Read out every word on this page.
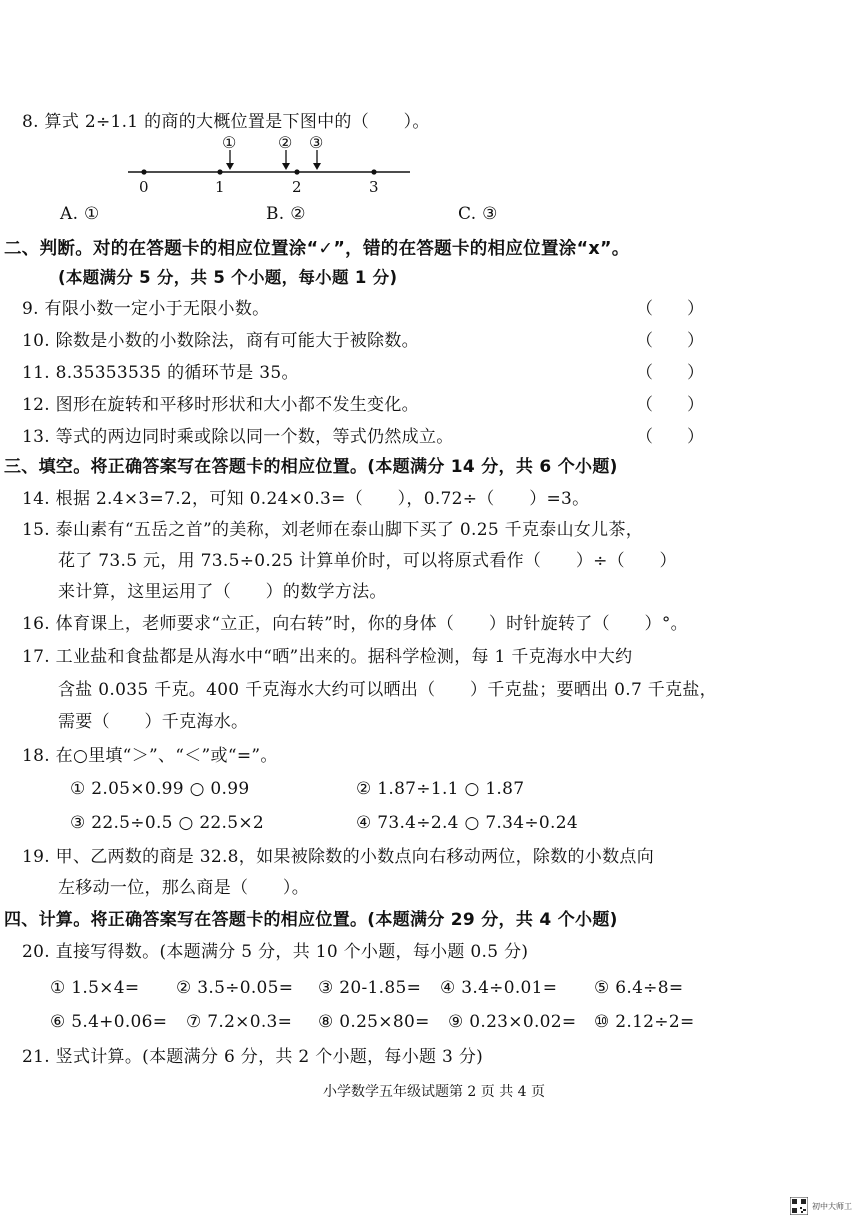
8. 算式 2÷1.1 的商的大概位置是下图中的（　　）。
①	② ③
0	1	2	3
A. ①	B. ②	C. ③
二、判断。对的在答题卡的相应位置涂“✓”，错的在答题卡的相应位置涂“x”。
(本题满分 5 分，共 5 个小题，每小题 1 分)
9. 有限小数一定小于无限小数。	（　　）
10. 除数是小数的小数除法，商有可能大于被除数。	（　　）
11. 8.35353535 的循环节是 35。	（　　）
12. 图形在旋转和平移时形状和大小都不发生变化。	（　　）
13. 等式的两边同时乘或除以同一个数，等式仍然成立。	（　　）
三、填空。将正确答案写在答题卡的相应位置。(本题满分 14 分，共 6 个小题)
14. 根据 2.4×3=7.2，可知 0.24×0.3=（　　），0.72÷（　　）=3。
15. 泰山素有“五岳之首”的美称，刘老师在泰山脚下买了 0.25 千克泰山女儿茶，
花了 73.5 元，用 73.5÷0.25 计算单价时，可以将原式看作（　　）÷（　　）
来计算，这里运用了（　　）的数学方法。
16. 体育课上，老师要求“立正，向右转”时，你的身体（　　）时针旋转了（　　）°。
17. 工业盐和食盐都是从海水中“晒”出来的。据科学检测，每 1 千克海水中大约
含盐 0.035 千克。400 千克海水大约可以晒出（　　）千克盐；要晒出 0.7 千克盐，
需要（　　）千克海水。
18. 在○里填“＞”、“＜”或“=”。
① 2.05×0.99 ○ 0.99	② 1.87÷1.1 ○ 1.87
③ 22.5÷0.5 ○ 22.5×2	④ 73.4÷2.4 ○ 7.34÷0.24
19. 甲、乙两数的商是 32.8，如果被除数的小数点向右移动两位，除数的小数点向
左移动一位，那么商是（　　）。
四、计算。将正确答案写在答题卡的相应位置。(本题满分 29 分，共 4 个小题)
20. 直接写得数。(本题满分 5 分，共 10 个小题，每小题 0.5 分)
① 1.5×4= ② 3.5÷0.05= ③ 20-1.85= ④ 3.4÷0.01= ⑤ 6.4÷8=
⑥ 5.4+0.06= ⑦ 7.2×0.3= ⑧ 0.25×80= ⑨ 0.23×0.02= ⑩ 2.12÷2=
21. 竖式计算。(本题满分 6 分，共 2 个小题，每小题 3 分)
小学数学五年级试题第 2 页 共 4 页
初中大师工
